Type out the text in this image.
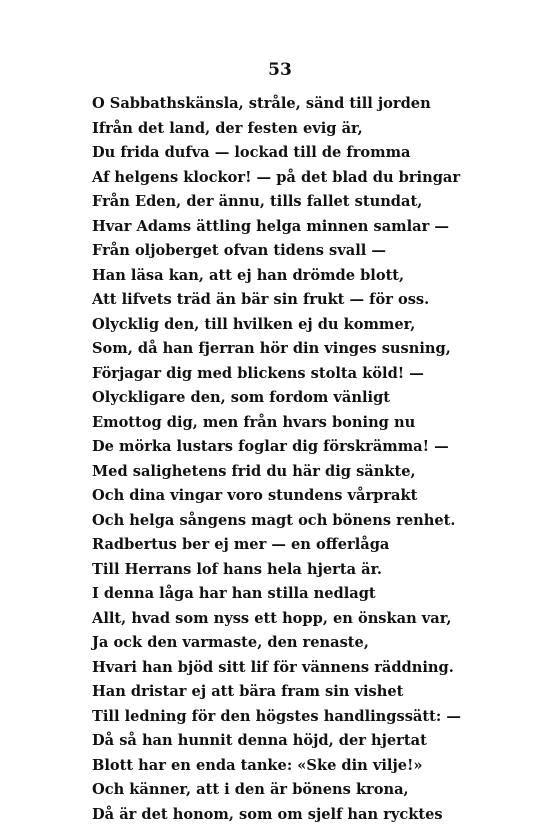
53
O Sabbathskänsla, stråle, sänd till jorden
Ifrån det land, der festen evig är,
Du frida dufva — lockad till de fromma
Af helgens klockor! — på det blad du bringar
Från Eden, der ännu, tills fallet stundat,
Hvar Adams ättling helga minnen samlar —
Från oljoberget ofvan tidens svall —
Han läsa kan, att ej han drömde blott,
Att lifvets träd än bär sin frukt — för oss.
Olycklig den, till hvilken ej du kommer,
Som, då han fjerran hör din vinges susning,
Förjagar dig med blickens stolta köld! —
Olyckligare den, som fordom vänligt
Emottog dig, men från hvars boning nu
De mörka lustars foglar dig förskrämma! —
Med salighetens frid du här dig sänkte,
Och dina vingar voro stundens vårprakt
Och helga sångens magt och bönens renhet.
Radbertus ber ej mer — en offerlåga
Till Herrans lof hans hela hjerta är.
I denna låga har han stilla nedlagt
Allt, hvad som nyss ett hopp, en önskan var,
Ja ock den varmaste, den renaste,
Hvari han bjöd sitt lif för vännens räddning.
Han dristar ej att bära fram sin vishet
Till ledning för den högstes handlingssätt: —
Då så han hunnit denna höjd, der hjertat
Blott har en enda tanke: «Ske din vilje!»
Och känner, att i den är bönens krona,
Då är det honom, som om sjelf han rycktes
